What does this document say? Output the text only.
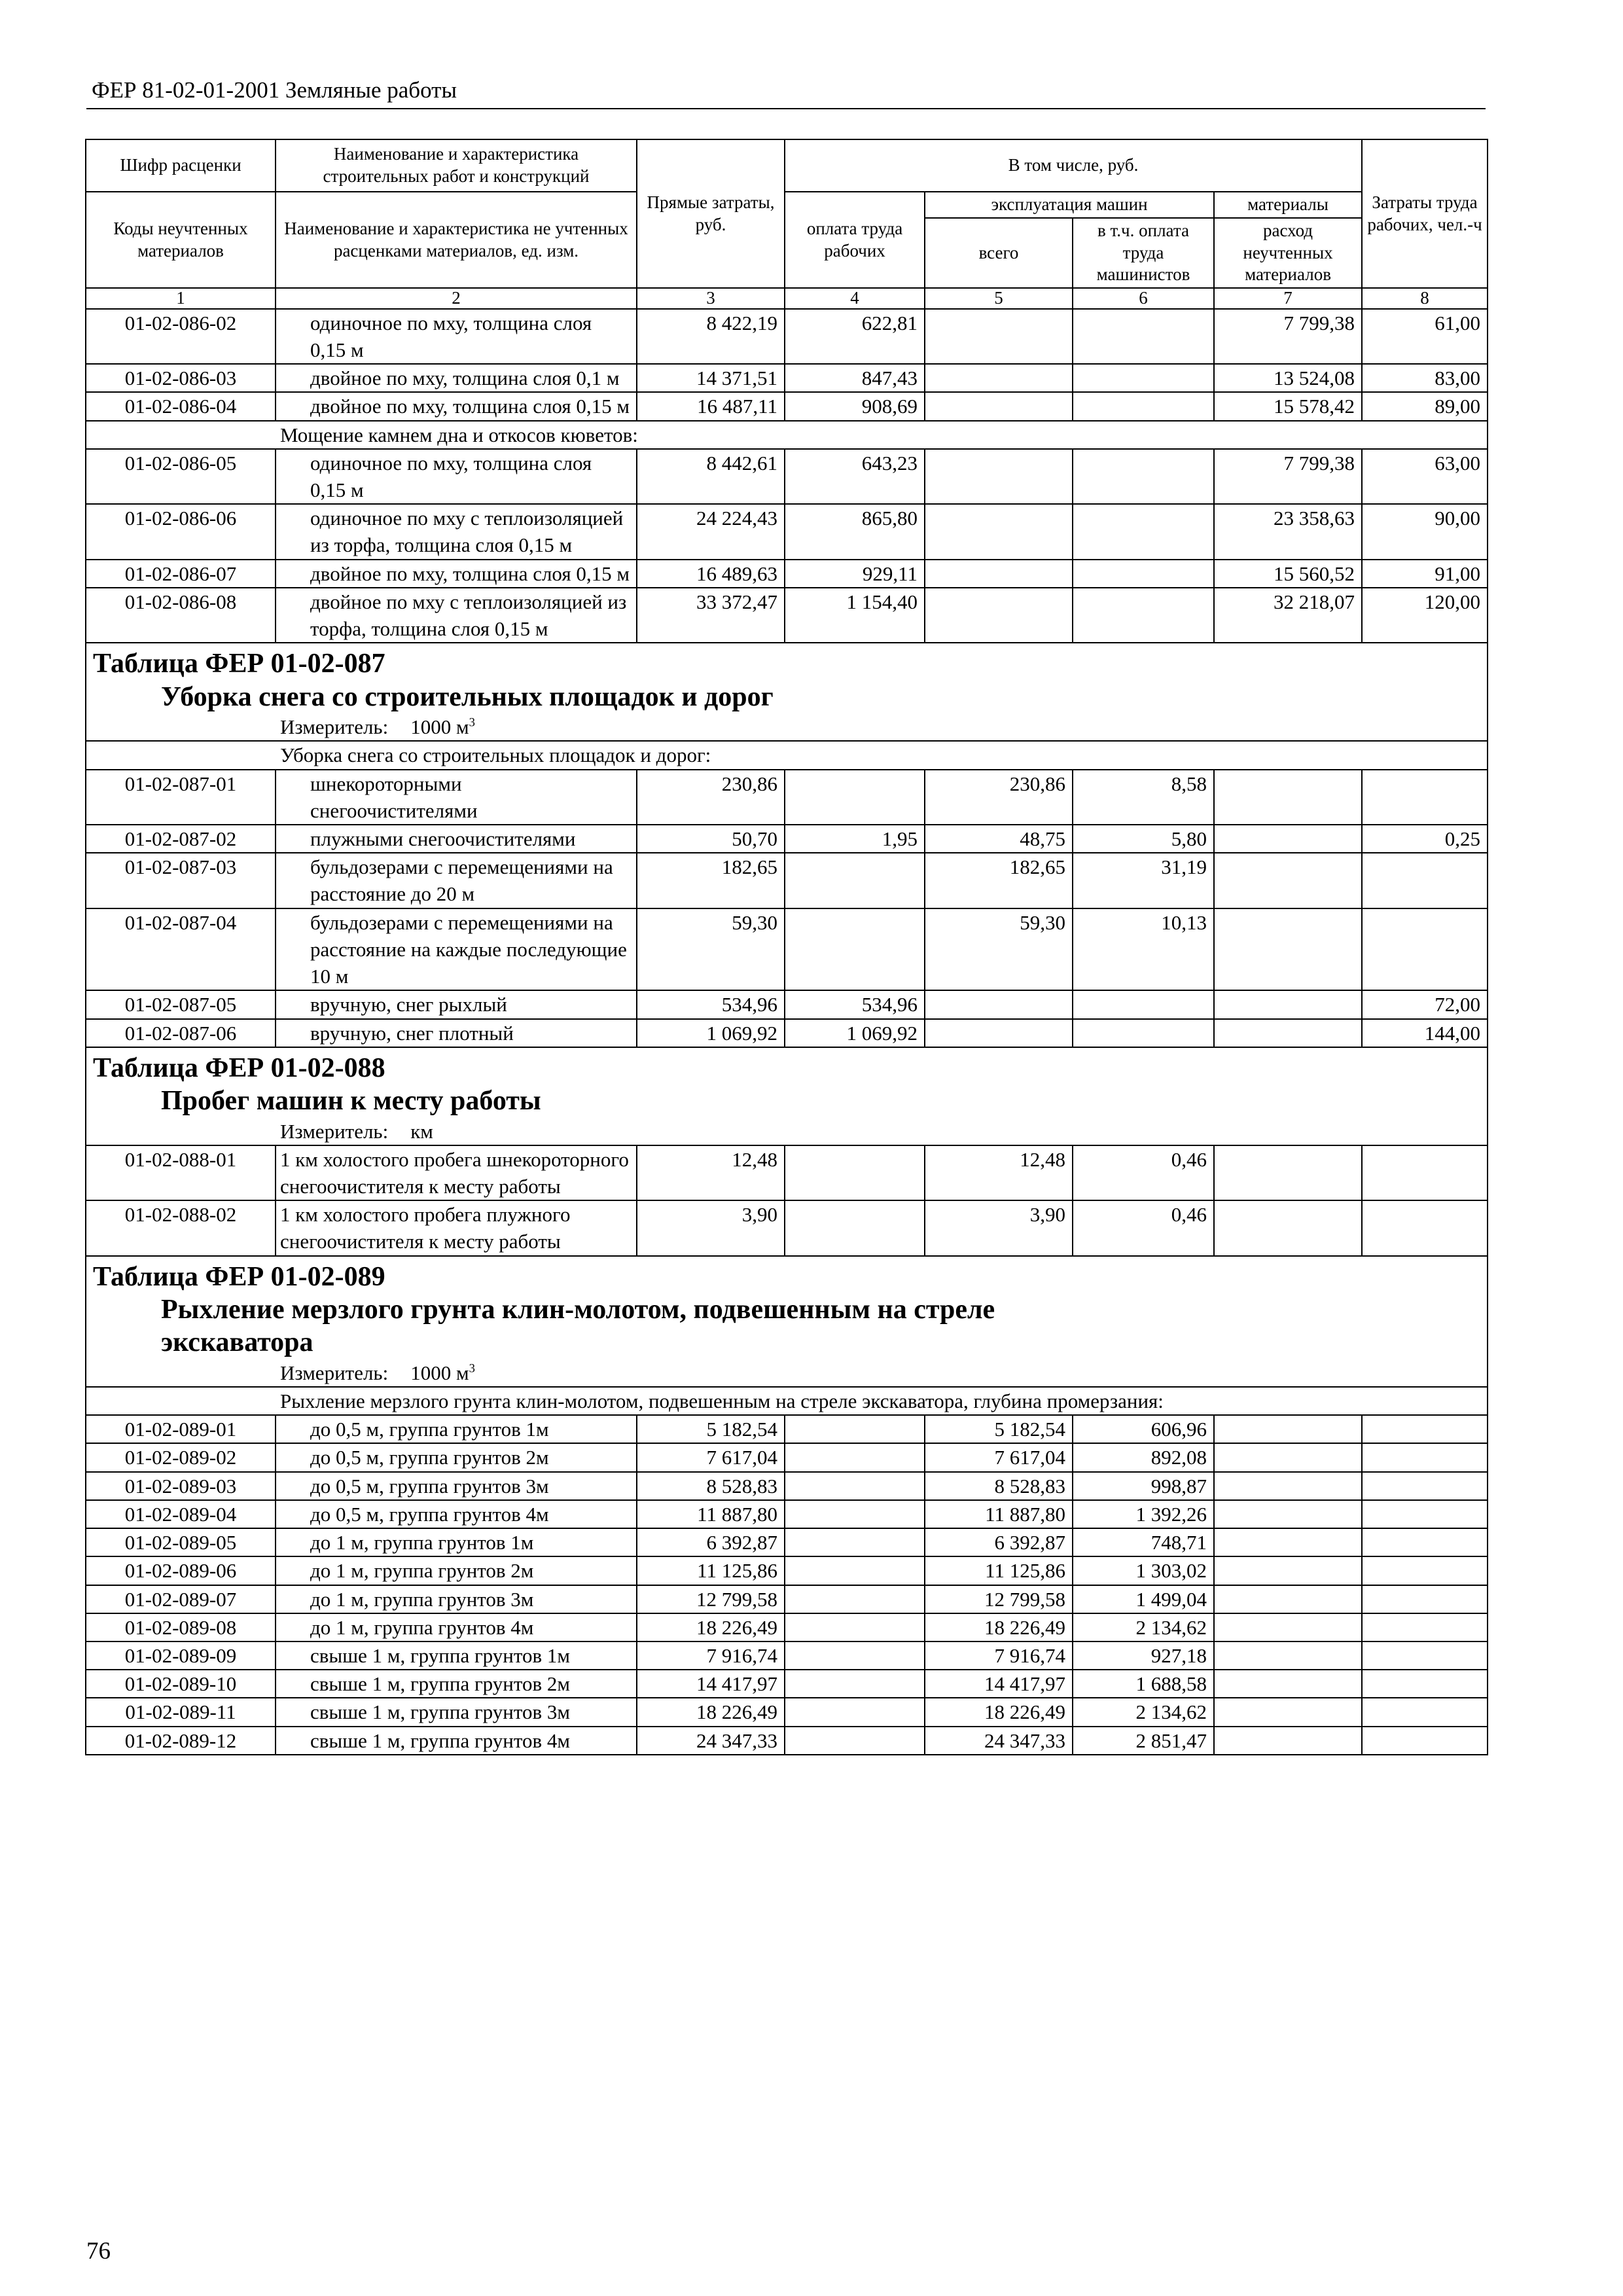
ФЕР 81-02-01-2001 Земляные работы
Шифр расценки	Наименование и характеристика строительных работ и конструкций	Прямые затраты, руб.	В том числе, руб.				Затраты труда рабочих, чел.-ч
Коды неучтенных материалов	Наименование и характеристика не учтенных расценками материалов, ед. изм.		оплата труда рабочих	эксплуатация машин		материалы	
				всего	в т.ч. оплата труда машинистов	расход неучтенных материалов	
1	2	3	4	5	6	7	8
01-02-086-02	одиночное по мху, толщина слоя 0,15 м	8 422,19	622,81			7 799,38	61,00
01-02-086-03	двойное по мху, толщина слоя 0,1 м	14 371,51	847,43			13 524,08	83,00
01-02-086-04	двойное по мху, толщина слоя 0,15 м	16 487,11	908,69			15 578,42	89,00
Мощение камнем дна и откосов кюветов:							
01-02-086-05	одиночное по мху, толщина слоя 0,15 м	8 442,61	643,23			7 799,38	63,00
01-02-086-06	одиночное по мху с теплоизоляцией из торфа, толщина слоя 0,15 м	24 224,43	865,80			23 358,63	90,00
01-02-086-07	двойное по мху, толщина слоя 0,15 м	16 489,63	929,11			15 560,52	91,00
01-02-086-08	двойное по мху с теплоизоляцией из торфа, толщина слоя 0,15 м	33 372,47	1 154,40			32 218,07	120,00
Таблица ФЕР 01-02-087Уборка снега со строительных площадок и дорог							
Измеритель: 1000 $м^3$
Уборка снега со строительных площадок и дорог:							
01-02-087-01	шнекороторными снегоочистителями	230,86		230,86	8,58		
01-02-087-02	плужными снегоочистителями	50,70	1,95	48,75	5,80		0,25
01-02-087-03	бульдозерами с перемещениями на расстояние до 20 м	182,65		182,65	31,19		
01-02-087-04	бульдозерами с перемещениями на расстояние на каждые последующие 10 м	59,30		59,30	10,13		
01-02-087-05	вручную, снег рыхлый	534,96	534,96				72,00
01-02-087-06	вручную, снег плотный	1 069,92	1 069,92				144,00
Таблица ФЕР 01-02-088Пробег машин к месту работы							
Измеритель: км							
01-02-088-01	1 км холостого пробега шнекороторного снегоочистителя к месту работы	12,48		12,48	0,46		
01-02-088-02	1 км холостого пробега плужного снегоочистителя к месту работы	3,90		3,90	0,46		
Таблица ФЕР 01-02-089Рыхление мерзлого грунта клин-молотом, подвешенным на стреле экскаватора							
Измеритель: 1000 $м^3$
Рыхление мерзлого грунта клин-молотом, подвешенным на стреле экскаватора, глубина промерзания:							
01-02-089-01	до 0,5 м, группа грунтов 1м	5 182,54		5 182,54	606,96		
01-02-089-02	до 0,5 м, группа грунтов 2м	7 617,04		7 617,04	892,08		
01-02-089-03	до 0,5 м, группа грунтов 3м	8 528,83		8 528,83	998,87		
01-02-089-04	до 0,5 м, группа грунтов 4м	11 887,80		11 887,80	1 392,26		
01-02-089-05	до 1 м, группа грунтов 1м	6 392,87		6 392,87	748,71		
01-02-089-06	до 1 м, группа грунтов 2м	11 125,86		11 125,86	1 303,02		
01-02-089-07	до 1 м, группа грунтов 3м	12 799,58		12 799,58	1 499,04		
01-02-089-08	до 1 м, группа грунтов 4м	18 226,49		18 226,49	2 134,62		
01-02-089-09	свыше 1 м, группа грунтов 1м	7 916,74		7 916,74	927,18		
01-02-089-10	свыше 1 м, группа грунтов 2м	14 417,97		14 417,97	1 688,58		
01-02-089-11	свыше 1 м, группа грунтов 3м	18 226,49		18 226,49	2 134,62		
01-02-089-12	свыше 1 м, группа грунтов 4м	24 347,33		24 347,33	2 851,47		
76
